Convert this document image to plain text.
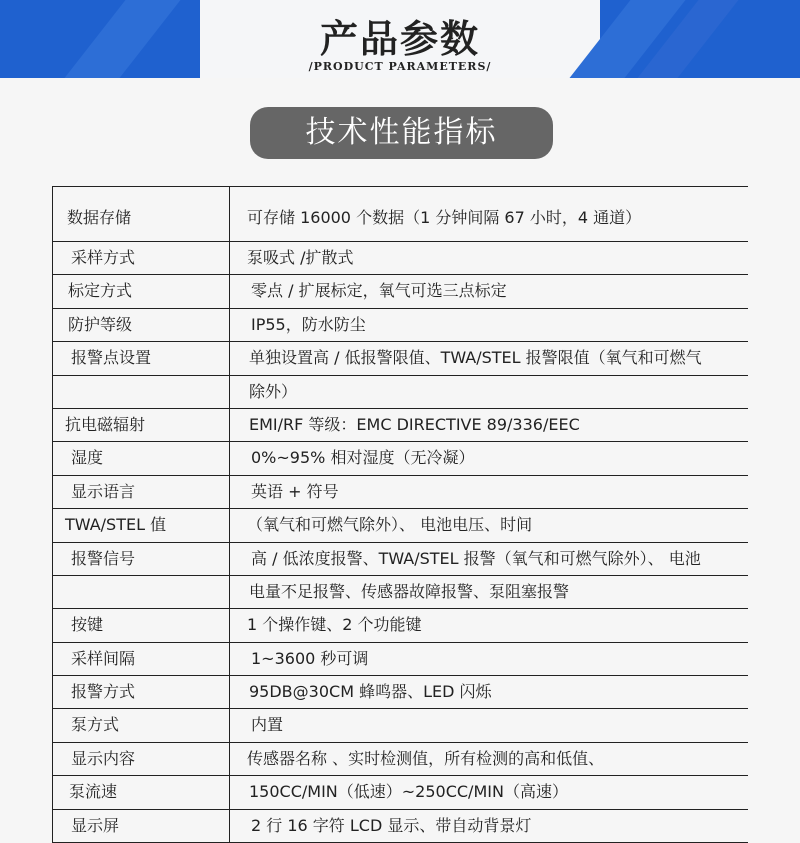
产品参数
/PRODUCT PARAMETERS/
技术性能指标
数据存储	可存储 16000 个数据（1 分钟间隔 67 小时，4 通道）
采样方式	泵吸式 /扩散式
标定方式	零点 / 扩展标定，氧气可选三点标定
防护等级	IP55，防水防尘
报警点设置	单独设置高 / 低报警限值、TWA/STEL 报警限值（氧气和可燃气
除外）
抗电磁辐射	EMI/RF 等级：EMC DIRECTIVE 89/336/EEC
湿度	0%~95% 相对湿度（无冷凝）
显示语言	英语 + 符号
TWA/STEL 值	（氧气和可燃气除外）、 电池电压、时间
报警信号	高 / 低浓度报警、TWA/STEL 报警（氧气和可燃气除外）、 电池
电量不足报警、传感器故障报警、泵阻塞报警
按键	1 个操作键、2 个功能键
采样间隔	1~3600 秒可调
报警方式	95DB@30CM 蜂鸣器、LED 闪烁
泵方式	内置
显示内容	传感器名称 、实时检测值，所有检测的高和低值、
泵流速	150CC/MIN（低速）~250CC/MIN（高速）
显示屏	2 行 16 字符 LCD 显示、带自动背景灯
